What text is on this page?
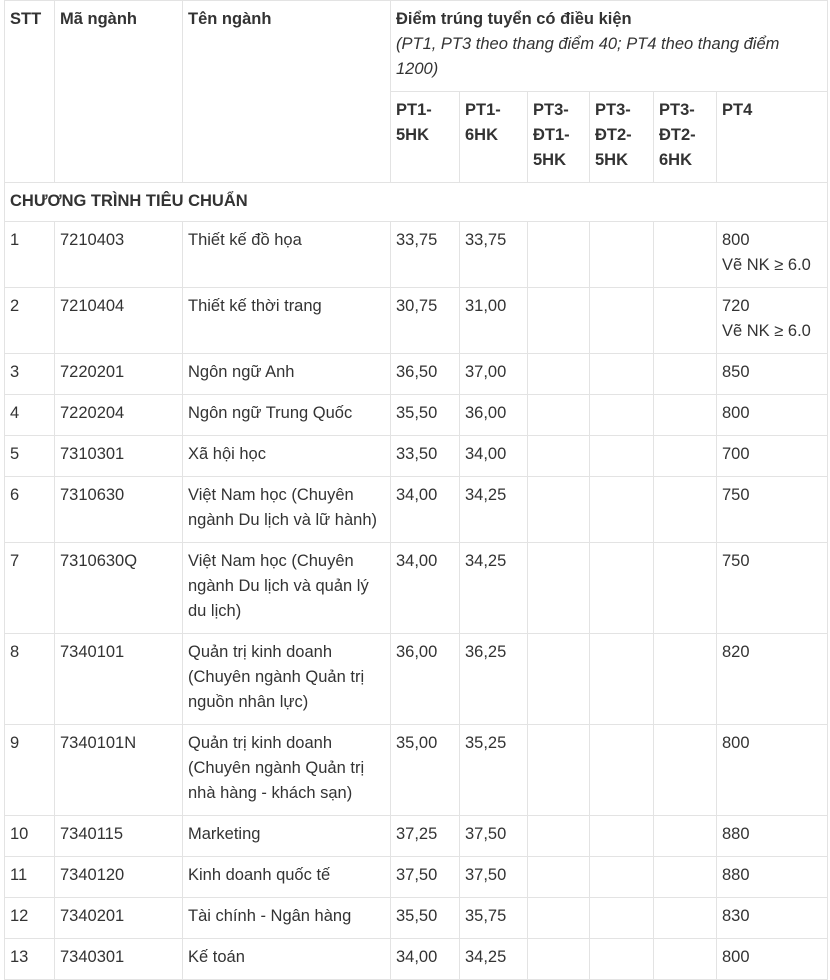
STT	Mã ngành	Tên ngành	Điểm trúng tuyển có điều kiện
(PT1, PT3 theo thang điểm 40; PT4 theo thang điểm 1200)					

			PT1-5HK	PT1-6HK	PT3-ĐT1-5HK	PT3-ĐT2-5HK	PT3-ĐT2-6HK	PT4
CHƯƠNG TRÌNH TIÊU CHUẨN								
1	7210403	Thiết kế đồ họa	33,75	33,75				800
Vẽ NK ≥ 6.0

2	7210404	Thiết kế thời trang	30,75	31,00				720
Vẽ NK ≥ 6.0

3	7220201	Ngôn ngữ Anh	36,50	37,00				850

4	7220204	Ngôn ngữ Trung Quốc	35,50	36,00				800

5	7310301	Xã hội học	33,50	34,00				700

6	7310630	Việt Nam học (Chuyên ngành Du lịch và lữ hành)	34,00	34,25				750

7	7310630Q	Việt Nam học (Chuyên ngành Du lịch và quản lý du lịch)	34,00	34,25				750

8	7340101	Quản trị kinh doanh (Chuyên ngành Quản trị nguồn nhân lực)	36,00	36,25				820

9	7340101N	Quản trị kinh doanh (Chuyên ngành Quản trị nhà hàng - khách sạn)	35,00	35,25				800

10	7340115	Marketing	37,25	37,50				880

11	7340120	Kinh doanh quốc tế	37,50	37,50				880

12	7340201	Tài chính - Ngân hàng	35,50	35,75				830

13	7340301	Kế toán	34,00	34,25				800
